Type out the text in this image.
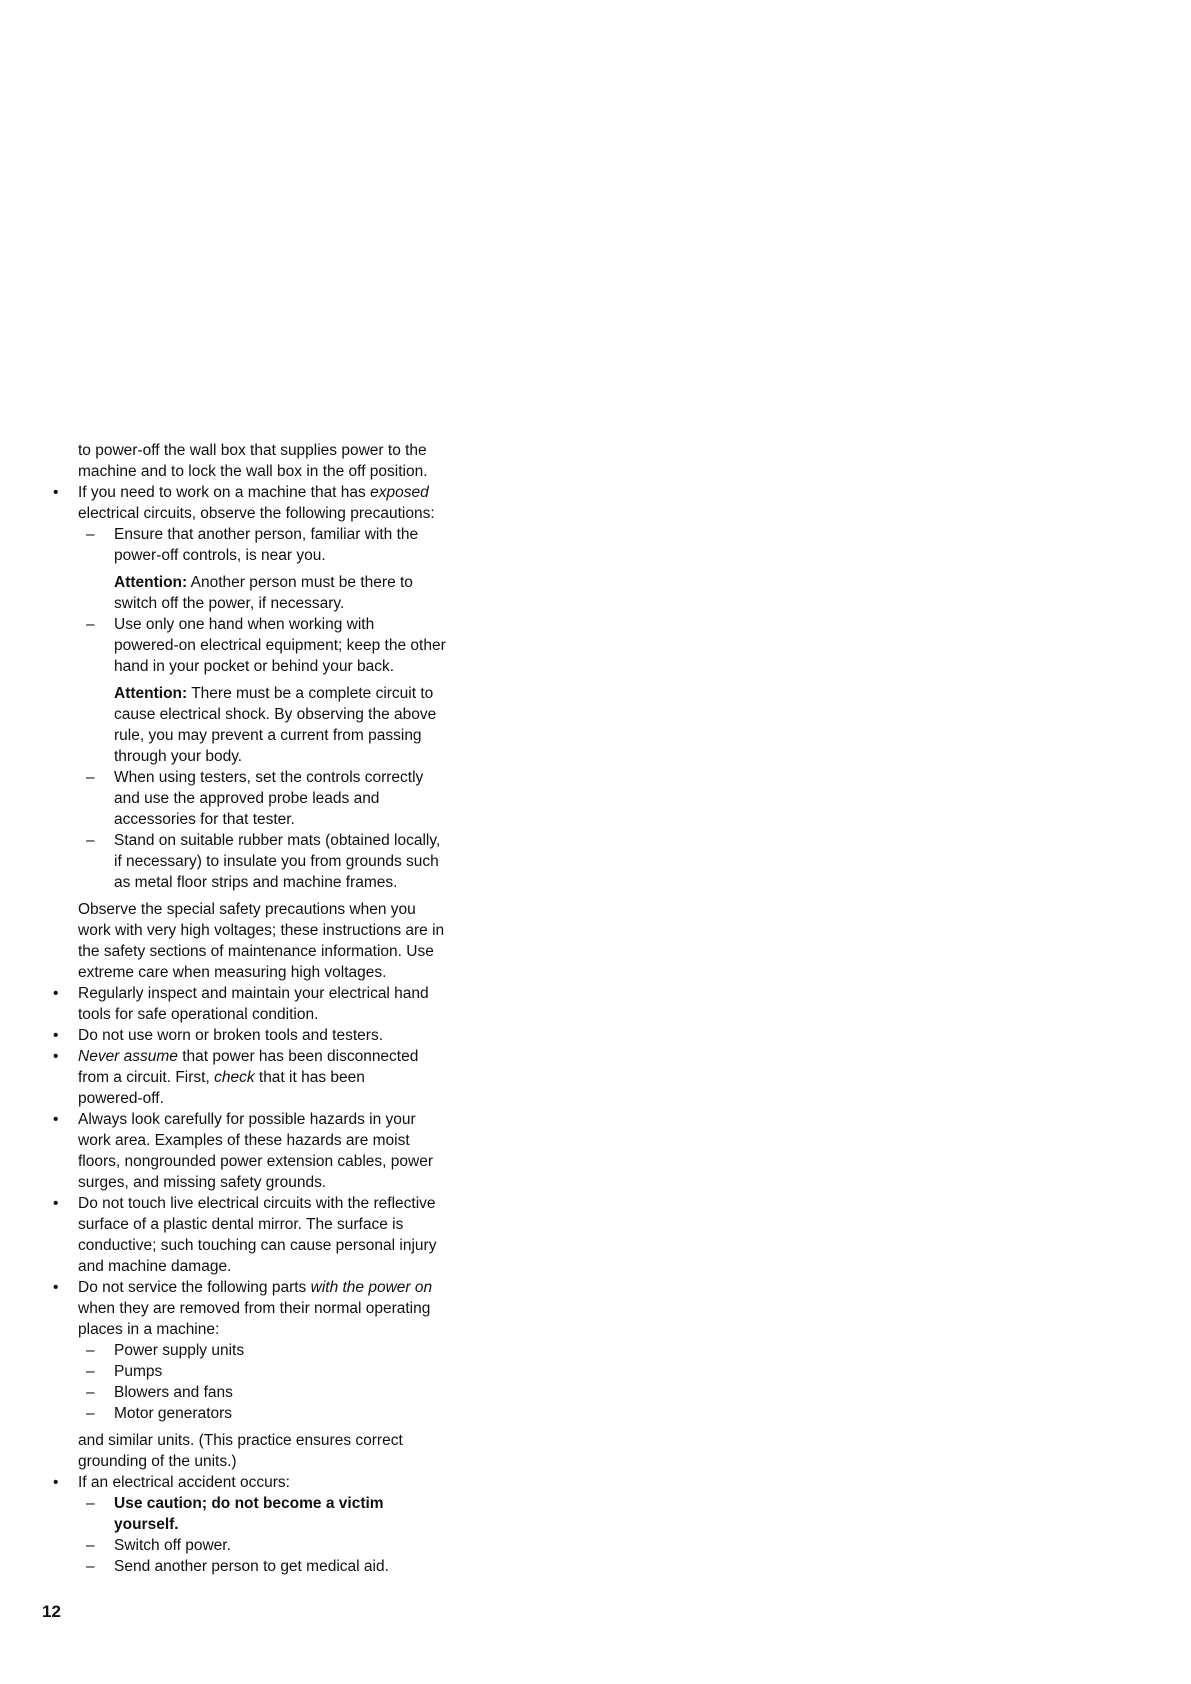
to power-off the wall box that supplies power to the
machine and to lock the wall box in the off position.
• If you need to work on a machine that has exposed
electrical circuits, observe the following precautions:
– Ensure that another person, familiar with the
power-off controls, is near you.
Attention: Another person must be there to
switch off the power, if necessary.
– Use only one hand when working with
powered-on electrical equipment; keep the other
hand in your pocket or behind your back.
Attention: There must be a complete circuit to
cause electrical shock. By observing the above
rule, you may prevent a current from passing
through your body.
– When using testers, set the controls correctly
and use the approved probe leads and
accessories for that tester.
– Stand on suitable rubber mats (obtained locally,
if necessary) to insulate you from grounds such
as metal floor strips and machine frames.
Observe the special safety precautions when you
work with very high voltages; these instructions are in
the safety sections of maintenance information. Use
extreme care when measuring high voltages.
• Regularly inspect and maintain your electrical hand
tools for safe operational condition.
• Do not use worn or broken tools and testers.
• Never assume that power has been disconnected
from a circuit. First, check that it has been
powered-off.
• Always look carefully for possible hazards in your
work area. Examples of these hazards are moist
floors, nongrounded power extension cables, power
surges, and missing safety grounds.
• Do not touch live electrical circuits with the reflective
surface of a plastic dental mirror. The surface is
conductive; such touching can cause personal injury
and machine damage.
• Do not service the following parts with the power on
when they are removed from their normal operating
places in a machine:
– Power supply units
– Pumps
– Blowers and fans
– Motor generators
and similar units. (This practice ensures correct
grounding of the units.)
• If an electrical accident occurs:
– Use caution; do not become a victim
yourself.
– Switch off power.
– Send another person to get medical aid.
12
